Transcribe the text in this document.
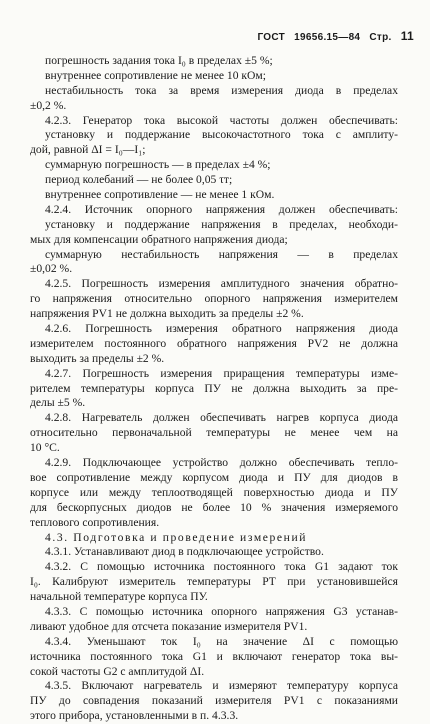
ГОСТ 19656.15—84 Стр. 11
погрешность задания тока I₀ в пределах ±5 %;
внутреннее сопротивление не менее 10 кОм;
нестабильность тока за время измерения диода в пределах
±0,2 %.
4.2.3. Генератор тока высокой частоты должен обеспечивать:
установку и поддержание высокочастотного тока с амплиту-
дой, равной ΔI = I₀—I₁;
суммарную погрешность — в пределах ±4 %;
период колебаний — не более 0,05 τт;
внутреннее сопротивление — не менее 1 кОм.
4.2.4. Источник опорного напряжения должен обеспечивать:
установку и поддержание напряжения в пределах, необходи-
мых для компенсации обратного напряжения диода;
суммарную нестабильность напряжения — в пределах
±0,02 %.
4.2.5. Погрешность измерения амплитудного значения обратно-
го напряжения относительно опорного напряжения измерителем
напряжения PV1 не должна выходить за пределы ±2 %.
4.2.6. Погрешность измерения обратного напряжения диода
измерителем постоянного обратного напряжения PV2 не должна
выходить за пределы ±2 %.
4.2.7. Погрешность измерения приращения температуры изме-
рителем температуры корпуса ПУ не должна выходить за пре-
делы ±5 %.
4.2.8. Нагреватель должен обеспечивать нагрев корпуса диода
относительно первоначальной температуры не менее чем на
10 °С.
4.2.9. Подключающее устройство должно обеспечивать тепло-
вое сопротивление между корпусом диода и ПУ для диодов в
корпусе или между теплоотводящей поверхностью диода и ПУ
для бескорпусных диодов не более 10 % значения измеряемого
теплового сопротивления.
4.3. Подготовка и проведение измерений
4.3.1. Устанавливают диод в подключающее устройство.
4.3.2. С помощью источника постоянного тока G1 задают ток
I₀. Калибруют измеритель температуры РТ при установившейся
начальной температуре корпуса ПУ.
4.3.3. С помощью источника опорного напряжения G3 устанав-
ливают удобное для отсчета показание измерителя PV1.
4.3.4. Уменьшают ток I₀ на значение ΔI с помощью
источника постоянного тока G1 и включают генератор тока вы-
сокой частоты G2 с амплитудой ΔI.
4.3.5. Включают нагреватель и измеряют температуру корпуса
ПУ до совпадения показаний измерителя PV1 с показаниями
этого прибора, установленными в п. 4.3.3.
